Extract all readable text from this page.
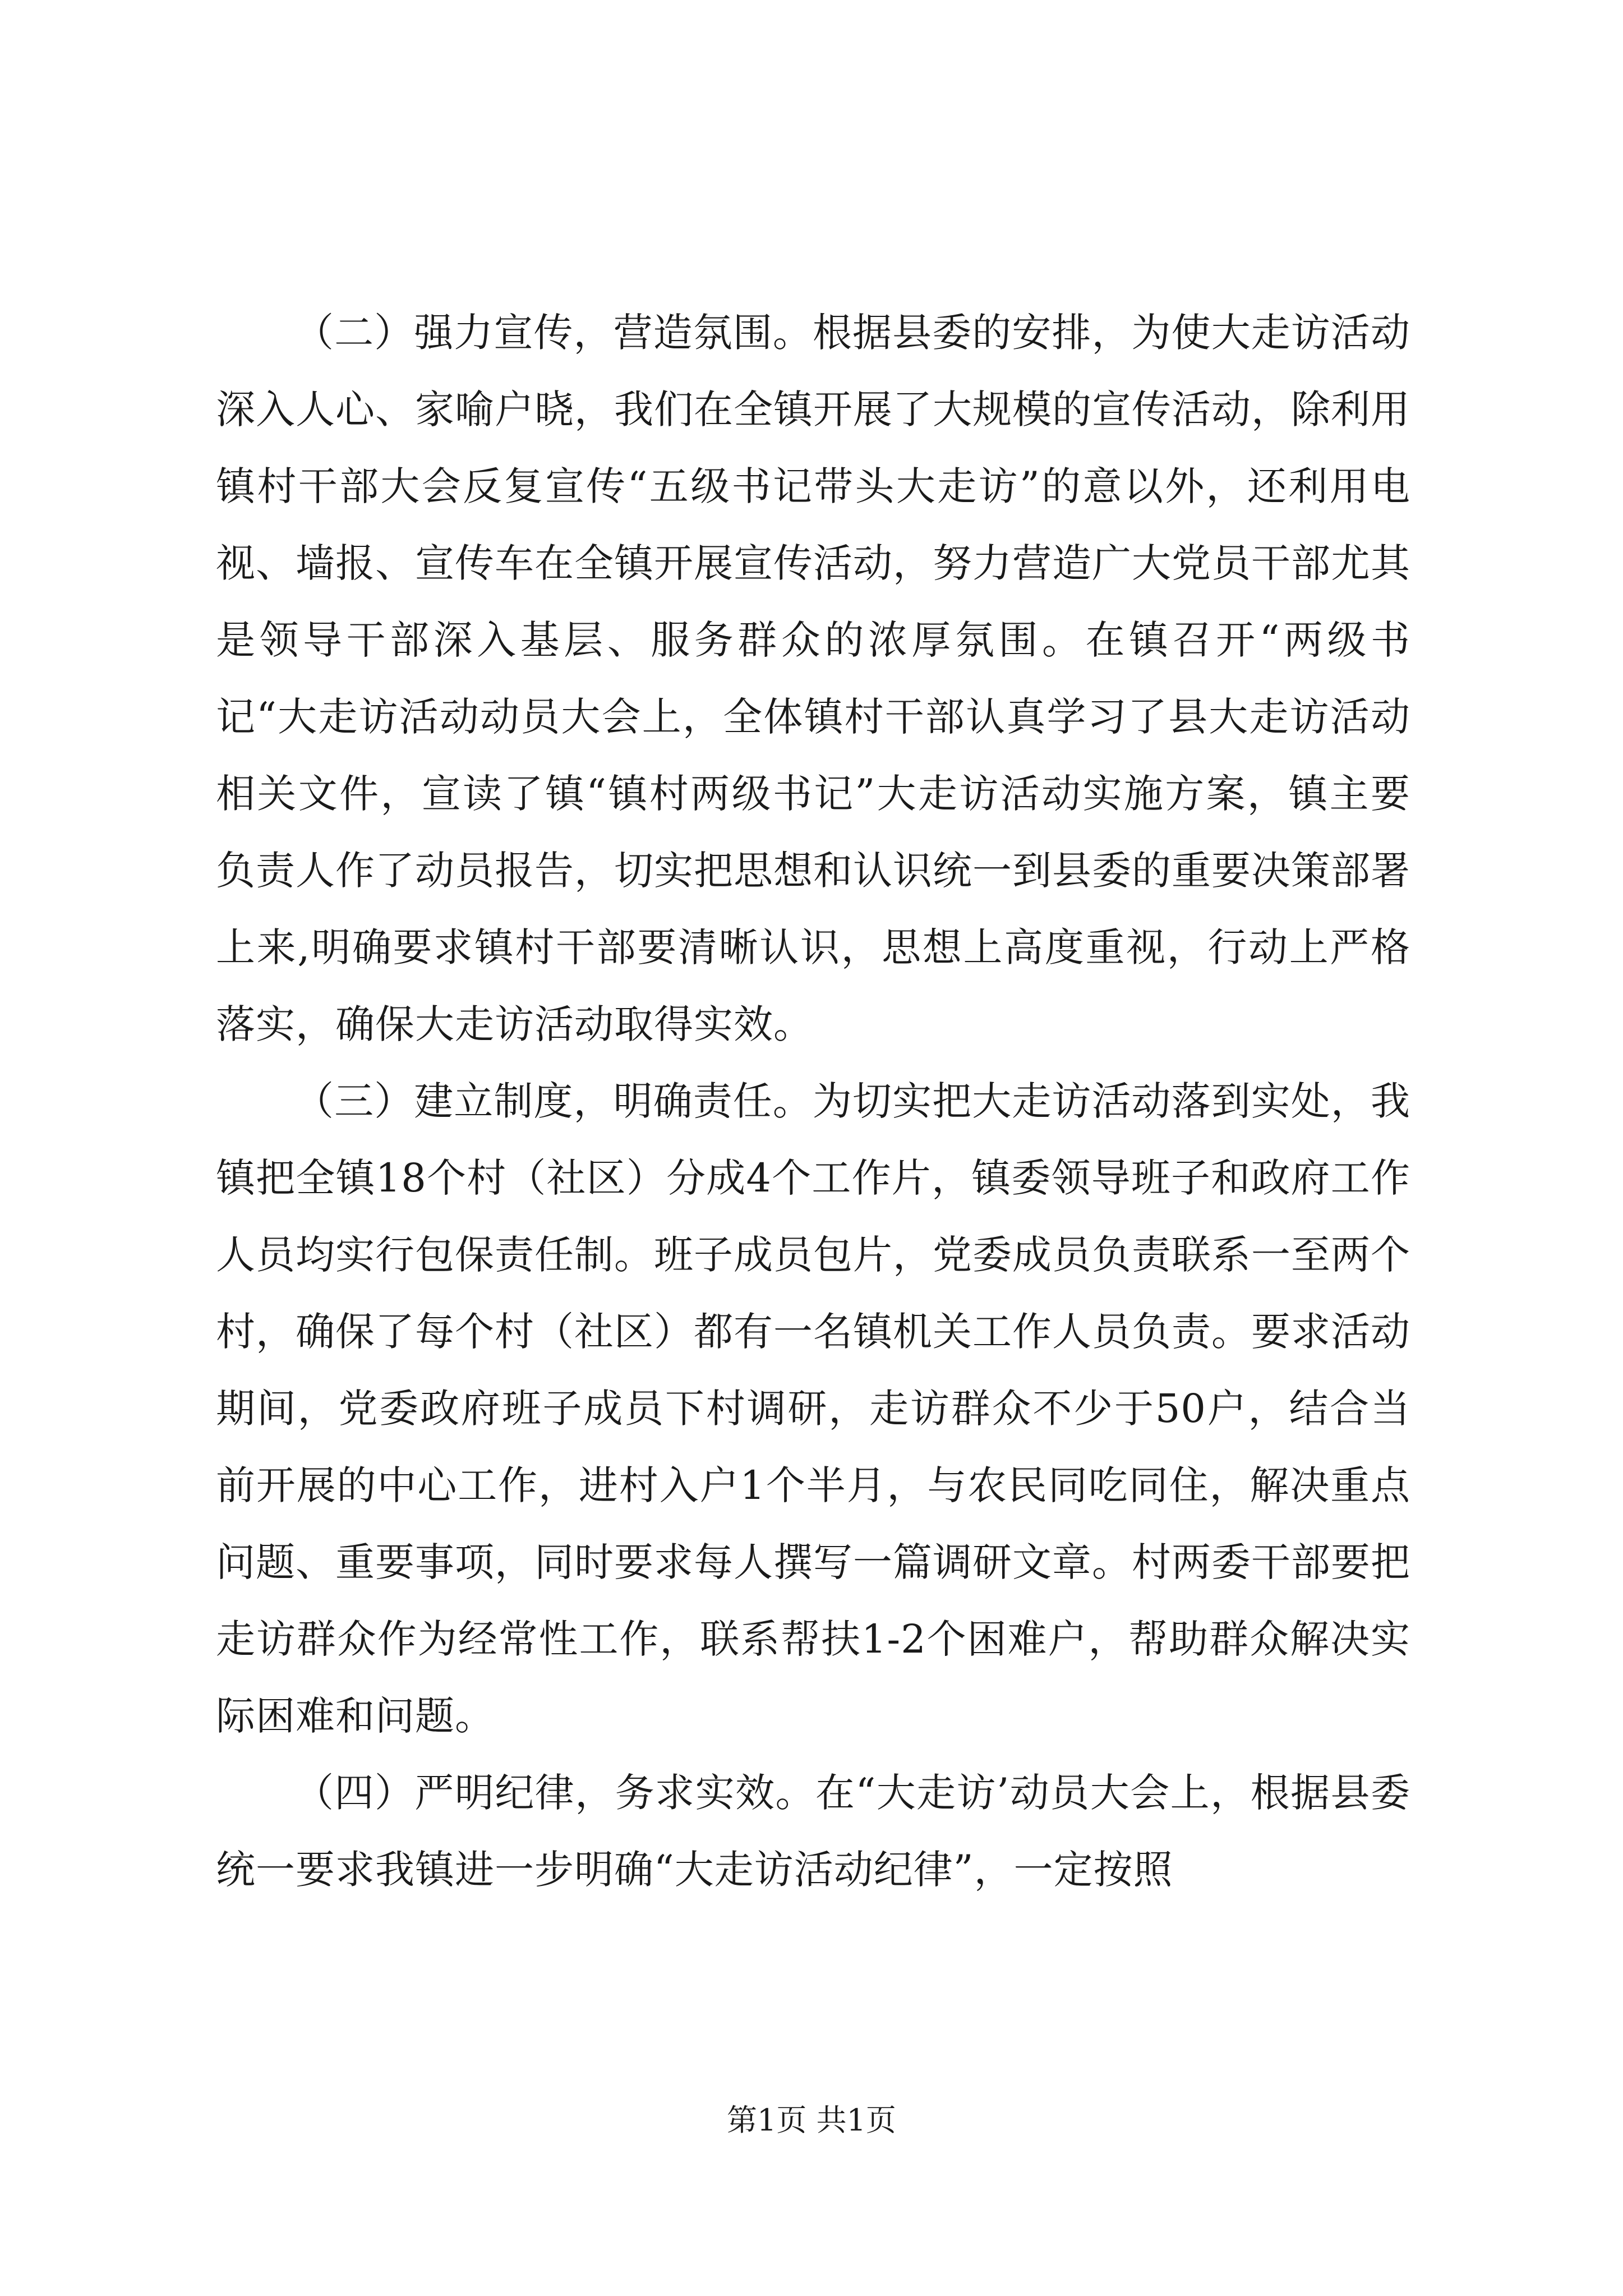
（二）强力宣传，营造氛围。根据县委的安排，为使大走访活动深入人心、家喻户晓，我们在全镇开展了大规模的宣传活动，除利用镇村干部大会反复宣传“五级书记带头大走访”的意以外，还利用电视、墙报、宣传车在全镇开展宣传活动，努力营造广大党员干部尤其是领导干部深入基层、服务群众的浓厚氛围。在镇召开“两级书记“大走访活动动员大会上，全体镇村干部认真学习了县大走访活动相关文件，宣读了镇“镇村两级书记”大走访活动实施方案，镇主要负责人作了动员报告，切实把思想和认识统一到县委的重要决策部署上来,明确要求镇村干部要清晰认识，思想上高度重视，行动上严格落实，确保大走访活动取得实效。

（三）建立制度，明确责任。为切实把大走访活动落到实处，我镇把全镇18个村（社区）分成4个工作片，镇委领导班子和政府工作人员均实行包保责任制。班子成员包片，党委成员负责联系一至两个村，确保了每个村（社区）都有一名镇机关工作人员负责。要求活动期间，党委政府班子成员下村调研，走访群众不少于50户，结合当前开展的中心工作，进村入户1个半月，与农民同吃同住，解决重点问题、重要事项，同时要求每人撰写一篇调研文章。村两委干部要把走访群众作为经常性工作，联系帮扶1-2个困难户，帮助群众解决实际困难和问题。

（四）严明纪律，务求实效。在“大走访’动员大会上，根据县委统一要求我镇进一步明确“大走访活动纪律”，一定按照

第1页 共1页
